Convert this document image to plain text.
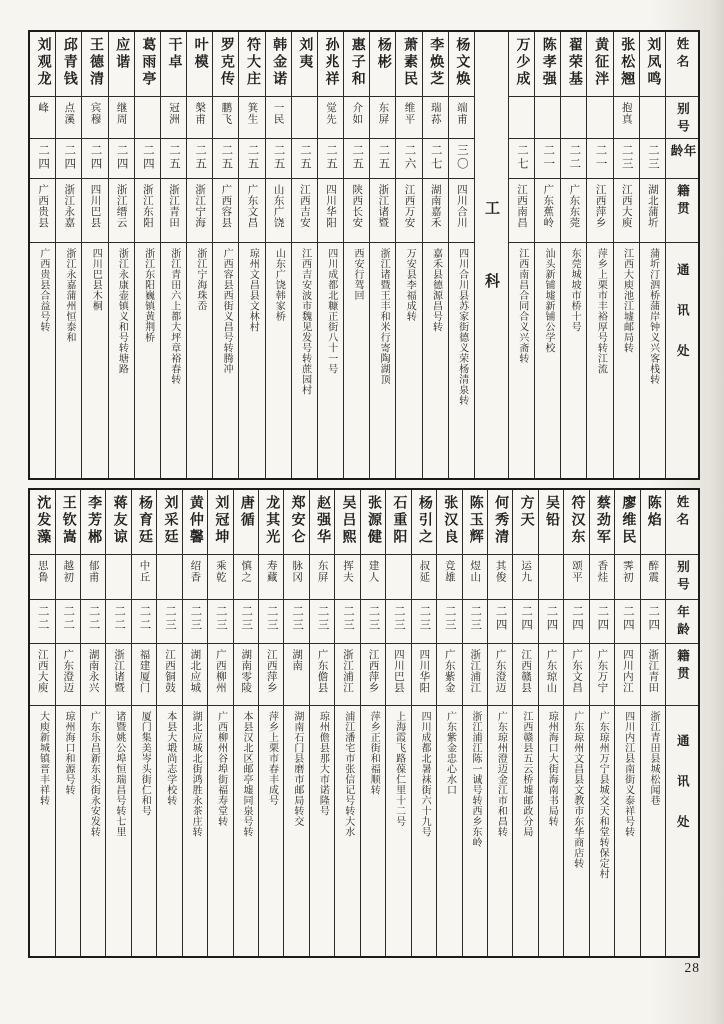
姓名
别号
年龄
籍贯
通讯处
刘凤鸣
二三
湖北蒲圻
蒲圻汀泗桥蒲岸钟义兴客栈转
张松翘
抱真
二三
江西大庾
江西大庾池江墟邮局转
黄征泮
二一
江西萍乡
萍乡上栗市丰裕厚号转江流
翟荣基
二二
广东东莞
东莞城坡市桥十号
陈孝强
二一
广东蕉岭
汕头新铺墟新铺公学校
万少成
二七
江西南昌
江西南昌合同合义兴斋转
工科
杨文焕
端甫
三〇
四川合川
四川合川县苏家街德义荣杨清泉转
李焕芝
瑞荪
二七
湖南嘉禾
嘉禾县德源昌号转
萧素民
维平
二六
江西万安
万安县李福成转
杨彬
东屏
二五
浙江诸暨
浙江诸暨王丰和米行寄陶湖顶
惠子和
介如
二五
陕西长安
西安行驾回
孙兆祥
觉先
二五
四川华阳
四川成都北糠正街八十一号
刘夷
二五
江西吉安
江西吉安波市魏见发号转蔗园村
韩金诺
一民
二五
山东广饶
山东广饶韩家桥
符大庄
箕生
二五
广东文昌
琼州文昌县文林村
罗克传
鹏飞
二五
广西容县
广西容县西街义昌号转腾冲
叶模
槃甫
二五
浙江宁海
浙江宁海珠岙
干卓
冠洲
二五
浙江青田
浙江青田六上都大坪章裕春转
葛雨亭
二四
浙江东阳
浙江东阳巍镇黄荆桥
应谐
继周
二四
浙江缙云
浙江永康壶镇义和号转塘路
王德清
宾穆
二四
四川巴县
四川巴县木桐
邱青钱
点溪
二四
浙江永嘉
浙江永嘉蒲州恒泰和
刘观龙
峰
二四
广西贵县
广西贵县合益号转
姓名
别号
年龄
籍贯
通讯处
陈焰
醉震
二四
浙江青田
浙江青田县城松闻巷
廖维民
霁初
二四
四川内江
四川内江县南街义泰祥号转
蔡劲军
香烓
二四
广东万宁
广东琼州万宁县城交天和堂转保定村
符汉东
颂平
二四
广东文昌
广东琼州文昌县文教市东华商店转
吴铅
二四
广东琼山
琼州海口大街海南书局转
方天
运九
二四
江西赣县
江西赣县五云桥墟邮政分局
何秀清
其俊
二四
广东澄迈
广东琼州澄迈金江市和昌转
陈玉辉
煜山
二三
浙江浦江
浙江浦江陈一诚号转西乡东岭
张汉良
竞雄
二三
广东紫金
广东紫金忠心水口
杨引之
叔延
二三
四川华阳
四川成都北暑袜街六十九号
石重阳
二三
四川巴县
上海霞飞路葆仁里十二号
张源健
建人
二三
江西萍乡
萍乡正街和福顺转
吴吕熙
挥夫
二三
浙江浦江
浦江潘宅市张信记号转大水
赵强华
东屏
二三
广东儋县
琼州儋县那大市诺隆号
郑安仑
脉冈
二三
湖南
湖南石门县磨市邮局转交
龙其光
寿藏
二三
江西萍乡
萍乡上栗市春丰成号
唐循
慎之
二三
湖南零陵
本县汉北区邮亭墟同泉号转
刘冠坤
乘乾
二三
广西柳州
广西柳州谷埠街福寿堂转
黄仲馨
绍香
二三
湖北应城
湖北应城北街鸿胜永茶庄转
刘采廷
二三
江西铜鼓
本县大塅尚志学校转
杨育廷
中丘
二二
福建厦门
厦门集美岑头街仁和号
蒋友谅
二二
浙江诸暨
诸暨姚公埠恒瑞昌号转七里
李芳郴
郁甫
二二
湖南永兴
广东乐昌新东头街永安发转
王钦嵩
越初
二二
广东澄迈
琼州海口和源号转
沈发藻
思鲁
二二
江西大庾
大庾新城镇晋丰祥转
28
